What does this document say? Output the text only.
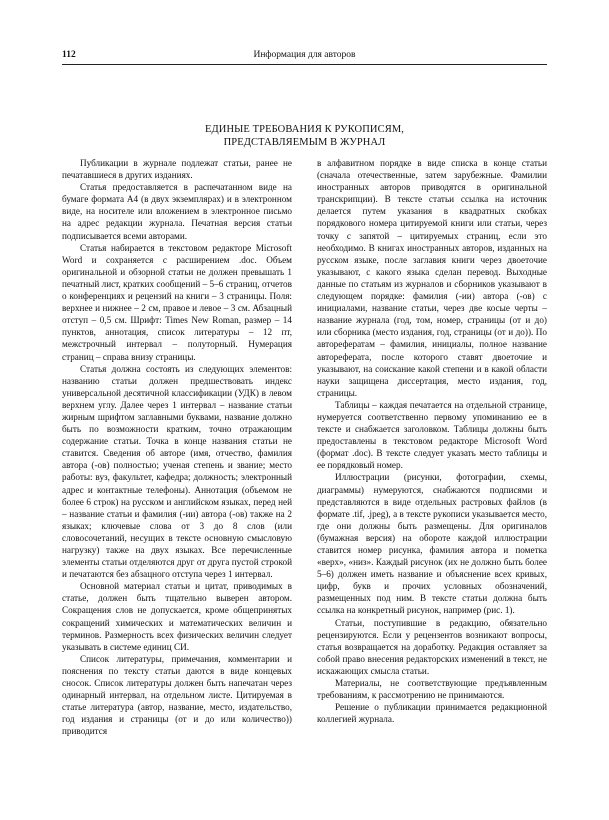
112	Информация для авторов
ЕДИНЫЕ ТРЕБОВАНИЯ К РУКОПИСЯМ,
ПРЕДСТАВЛЯЕМЫМ В ЖУРНАЛ

Публикации в журнале подлежат статьи, ранее не печатавшиеся в других изданиях.

Статья предоставляется в распечатанном виде на бумаге формата А4 (в двух экземплярах) и в электронном виде, на носителе или вложением в электронное письмо на адрес редакции журнала. Печатная версия статьи подписывается всеми авторами.

Статья набирается в текстовом редакторе Microsoft Word и сохраняется с расширением .doc. Объем оригинальной и обзорной статьи не должен превышать 1 печатный лист, кратких сообщений – 5–6 страниц, отчетов о конференциях и рецензий на книги – 3 страницы. Поля: верхнее и нижнее – 2 см, правое и левое – 3 см. Абзацный отступ – 0,5 см. Шрифт: Times New Roman, размер – 14 пунктов, аннотация, список литературы – 12 пт, межстрочный интервал – полуторный. Нумерация страниц – справа внизу страницы.

Статья должна состоять из следующих элементов: названию статьи должен предшествовать индекс универсальной десятичной классификации (УДК) в левом верхнем углу. Далее через 1 интервал – название статьи жирным шрифтом заглавными буквами, название должно быть по возможности кратким, точно отражающим содержание статьи. Точка в конце названия статьи не ставится. Сведения об авторе (имя, отчество, фамилия автора (-ов) полностью; ученая степень и звание; место работы: вуз, факультет, кафедра; должность; электронный адрес и контактные телефоны). Аннотация (объемом не более 6 строк) на русском и английском языках, перед ней – название статьи и фамилия (-ии) автора (-ов) также на 2 языках; ключевые слова от 3 до 8 слов (или словосочетаний, несущих в тексте основную смысловую нагрузку) также на двух языках. Все перечисленные элементы статьи отделяются друг от друга пустой строкой и печатаются без абзацного отступа через 1 интервал.

Основной материал статьи и цитат, приводимых в статье, должен быть тщательно выверен автором. Сокращения слов не допускается, кроме общепринятых сокращений химических и математических величин и терминов. Размерность всех физических величин следует указывать в системе единиц СИ.

Список литературы, примечания, комментарии и пояснения по тексту статьи даются в виде концевых сносок. Список литературы должен быть напечатан через одинарный интервал, на отдельном листе. Цитируемая в статье литература (автор, название, место, издательство, год издания и страницы (от и до или количество)) приводится

в алфавитном порядке в виде списка в конце статьи (сначала отечественные, затем зарубежные. Фамилии иностранных авторов приводятся в оригинальной транскрипции). В тексте статьи ссылка на источник делается путем указания в квадратных скобках порядкового номера цитируемой книги или статьи, через точку с запятой – цитируемых страниц, если это необходимо. В книгах иностранных авторов, изданных на русском языке, после заглавия книги через двоеточие указывают, с какого языка сделан перевод. Выходные данные по статьям из журналов и сборников указывают в следующем порядке: фамилия (-ии) автора (-ов) с инициалами, название статьи, через две косые черты – название журнала (год, том, номер, страницы (от и до) или сборника (место издания, год, страницы (от и до)). По авторефератам – фамилия, инициалы, полное название автореферата, после которого ставят двоеточие и указывают, на соискание какой степени и в какой области науки защищена диссертация, место издания, год, страницы.

Таблицы – каждая печатается на отдельной странице, нумеруется соответственно первому упоминанию ее в тексте и снабжается заголовком. Таблицы должны быть предоставлены в текстовом редакторе Microsoft Word (формат .doc). В тексте следует указать место таблицы и ее порядковый номер.

Иллюстрации (рисунки, фотографии, схемы, диаграммы) нумеруются, снабжаются подписями и представляются в виде отдельных растровых файлов (в формате .tif, .jpeg), а в тексте рукописи указывается место, где они должны быть размещены. Для оригиналов (бумажная версия) на обороте каждой иллюстрации ставится номер рисунка, фамилия автора и пометка «верх», «низ». Каждый рисунок (их не должно быть более 5–6) должен иметь название и объяснение всех кривых, цифр, букв и прочих условных обозначений, размещенных под ним. В тексте статьи должна быть ссылка на конкретный рисунок, например (рис. 1).

Статьи, поступившие в редакцию, обязательно рецензируются. Если у рецензентов возникают вопросы, статья возвращается на доработку. Редакция оставляет за собой право внесения редакторских изменений в текст, не искажающих смысла статьи.

Материалы, не соответствующие предъявленным требованиям, к рассмотрению не принимаются.

Решение о публикации принимается редакционной коллегией журнала.
